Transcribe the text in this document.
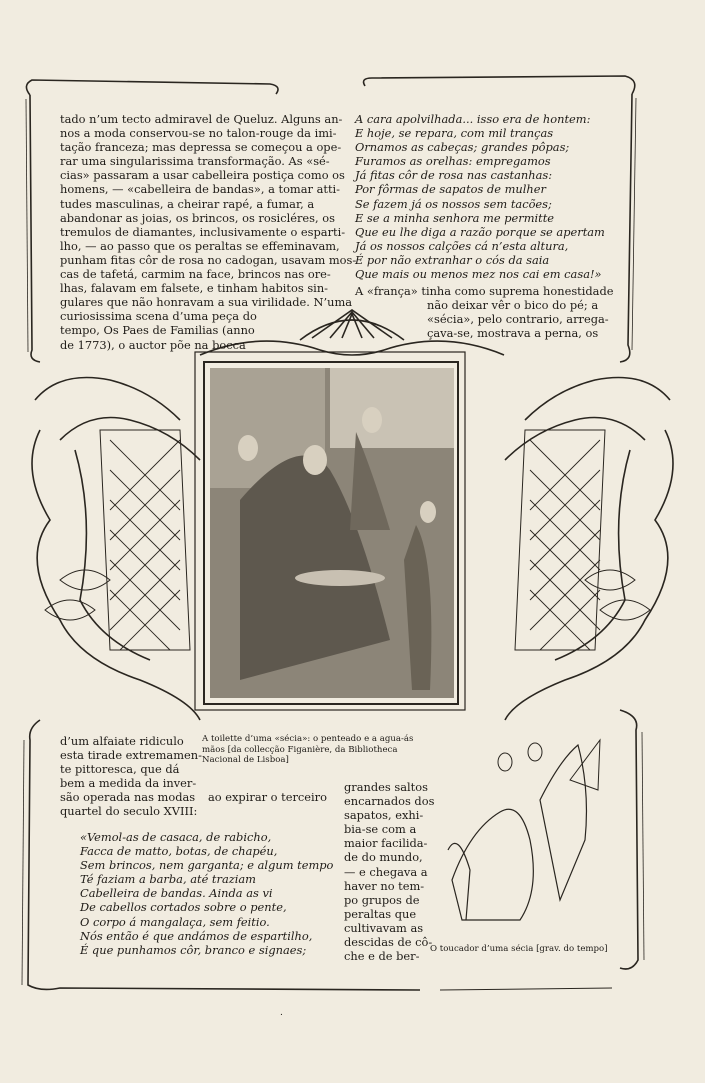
tado n’um tecto admiravel de Queluz. Alguns an-
nos a moda conservou-se no talon-rouge da imi-
tação franceza; mas depressa se começou a ope-
rar uma singularissima transformação. As «sé-
cias» passaram a usar cabelleira postiça como os
homens, — «cabelleira de bandas», a tomar atti-
tudes masculinas, a cheirar rapé, a fumar, a
abandonar as joias, os brincos, os rosicléres, os
tremulos de diamantes, inclusivamente o esparti-
lho, — ao passo que os peraltas se effeminavam,
punham fitas côr de rosa no cadogan, usavam mos-
cas de tafetá, carmim na face, brincos nas ore-
lhas, falavam em falsete, e tinham habitos sin-
gulares que não honravam a sua virilidade. N’uma
curiosissima scena d’uma peça do
tempo, Os Paes de Familias (anno
de 1773), o auctor põe na bocca

A cara apolvilhada... isso era de hontem:
E hoje, se repara, com mil tranças
Ornamos as cabeças; grandes pôpas;
Furamos as orelhas: empregamos
Já fitas côr de rosa nas castanhas:
Por fôrmas de sapatos de mulher
Se fazem já os nossos sem tacões;
E se a minha senhora me permitte
Que eu lhe diga a razão porque se apertam
Já os nossos calções cá n’esta altura,
É por não extranhar o cós da saia
Que mais ou menos mez nos cai em casa!»
A «frança» tinha como suprema honestidade
não deixar vêr o bico do pé; a
«sécia», pelo contrario, arrega-
çava-se, mostrava a perna, os
d’um alfaiate ridiculo
esta tirade extremamen-
te pittoresca, que dá
bem a medida da inver-
são operada nas modas
quartel do seculo XVIII:
ao expirar o terceiro
A toilette d’uma «sécia»: o penteado e a agua-ás
mãos [da collecção Figanière, da Bibliotheca
Nacional de Lisboa]
«Vemol-as de casaca, de rabicho,
Facca de matto, botas, de chapéu,
Sem brincos, nem garganta; e algum tempo
Té faziam a barba, até traziam
Cabelleira de bandas. Ainda as vi
De cabellos cortados sobre o pente,
O corpo á mangalaça, sem feitio.
Nós então é que andámos de espartilho,
É que punhamos côr, branco e signaes;
grandes saltos
encarnados dos
sapatos, exhi-
bia-se com a
maior facilida-
de do mundo,
— e chegava a
haver no tem-
po grupos de
peraltas que
cultivavam as
descidas de cô-
che e de ber-
O toucador d’uma sécia [grav. do tempo]
.
